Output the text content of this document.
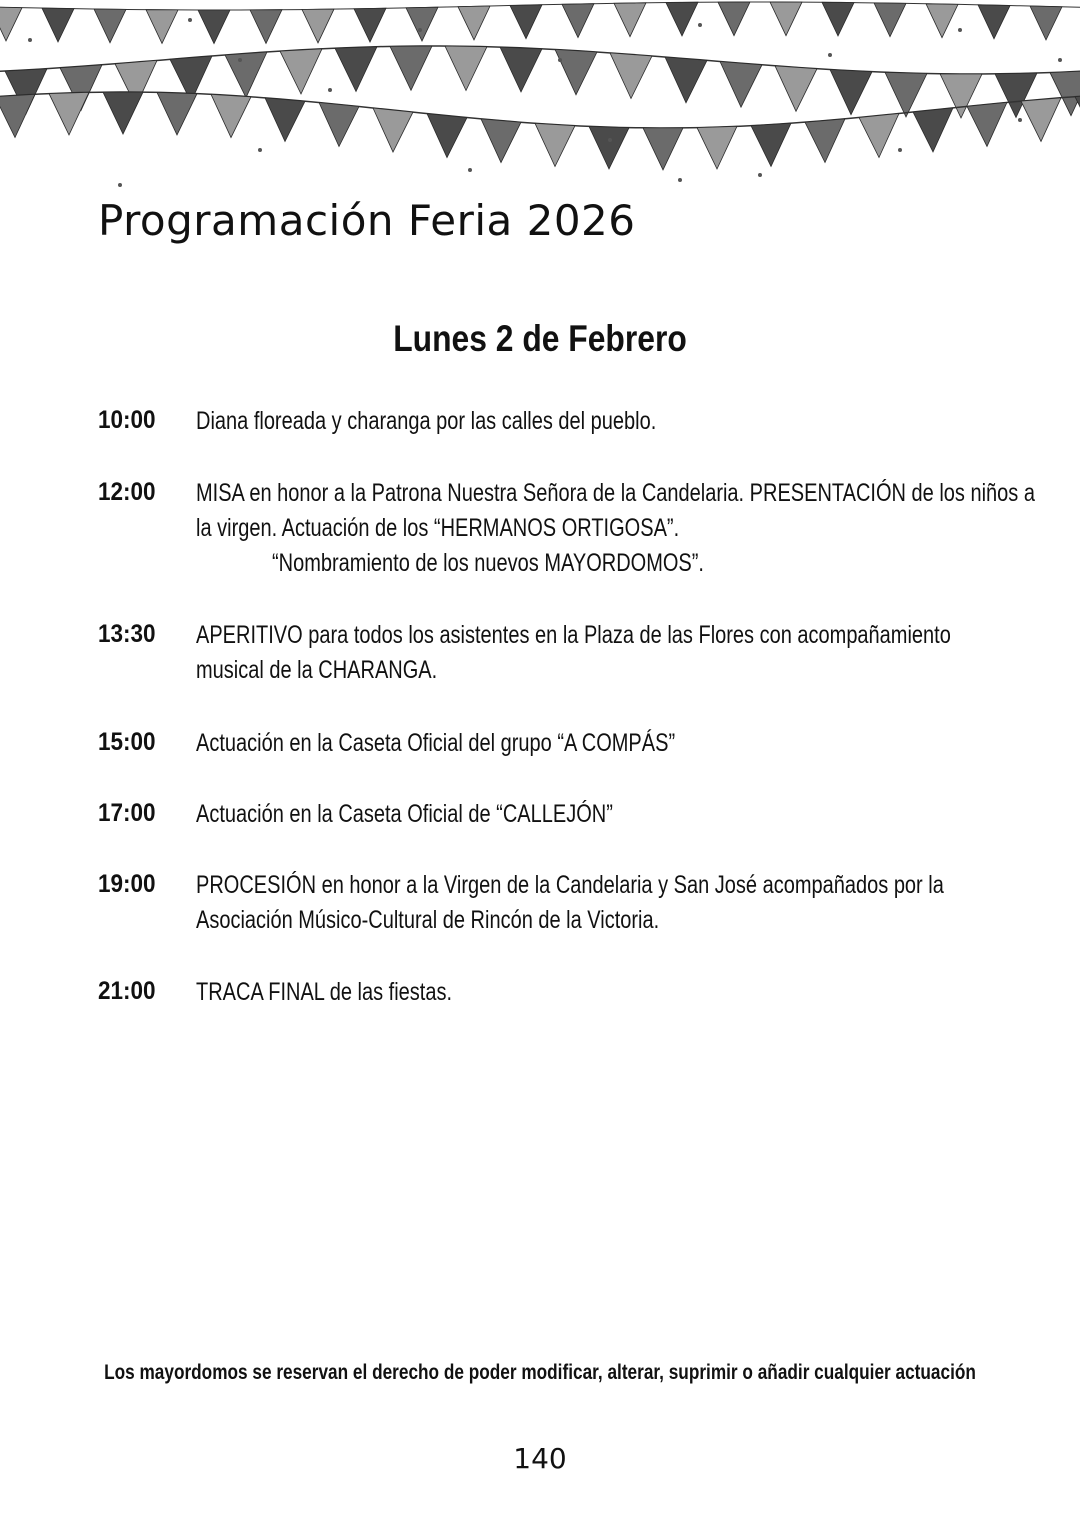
Programación Feria 2026
Lunes 2 de Febrero
10:00 Diana floreada y charanga por las calles del pueblo.
12:00 MISA en honor a la Patrona Nuestra Señora de la Candelaria. PRESENTACIÓN de los niños a
la virgen. Actuación de los “HERMANOS ORTIGOSA”.
“Nombramiento de los nuevos MAYORDOMOS”.
13:30 APERITIVO para todos los asistentes en la Plaza de las Flores con acompañamiento
musical de la CHARANGA.
15:00 Actuación en la Caseta Oficial del grupo “A COMPÁS”
17:00 Actuación en la Caseta Oficial de “CALLEJÓN”
19:00 PROCESIÓN en honor a la Virgen de la Candelaria y San José acompañados por la
Asociación Músico-Cultural de Rincón de la Victoria.
21:00 TRACA FINAL de las fiestas.
Los mayordomos se reservan el derecho de poder modificar, alterar, suprimir o añadir cualquier actuación
140
